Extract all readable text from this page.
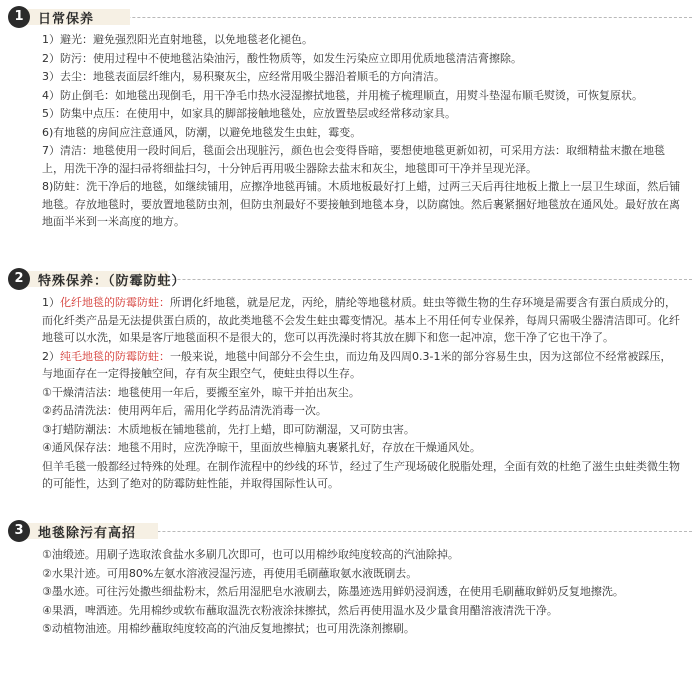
1	日常保养

1）避光：避免强烈阳光直射地毯，以免地毯老化褪色。

2）防污：使用过程中不使地毯沾染油污，酸性物质等，如发生污染应立即用优质地毯清洁膏擦除。

3）去尘：地毯表面层纤维内，易积聚灰尘，应经常用吸尘器沿着顺毛的方向清洁。

4）防止倒毛：如地毯出现倒毛，用干净毛巾热水浸湿擦拭地毯，并用梳子梳理顺直，用熨斗垫湿布顺毛熨烫，可恢复原状。

5）防集中点压：在使用中，如家具的脚部接触地毯处，应放置垫层或经常移动家具。

6)有地毯的房间应注意通风，防潮，以避免地毯发生虫蛀，霉变。

7）清洁：地毯使用一段时间后，毯面会出现脏污，颜色也会变得昏暗，要想使地毯更新如初，可采用方法：取细精盐末撒在地毯上，用洗干净的湿扫帚将细盐扫匀，十分钟后再用吸尘器除去盐末和灰尘，地毯即可干净并呈现光泽。

8)防蛀：洗干净后的地毯，如继续铺用，应擦净地毯再铺。木质地板最好打上蜡，过两三天后再往地板上撒上一层卫生球面，然后铺地毯。存放地毯时，要放置地毯防虫剂，但防虫剂最好不要接触到地毯本身，以防腐蚀。然后裹紧捆好地毯放在通风处。最好放在离地面半米到一米高度的地方。

2	特殊保养：（防霉防蛀）

1）化纤地毯的防霉防蛀：所谓化纤地毯，就是尼龙，丙纶，腈纶等地毯材质。蛀虫等微生物的生存环境是需要含有蛋白质成分的，而化纤类产品是无法提供蛋白质的，故此类地毯不会发生蛀虫霉变情况。基本上不用任何专业保养，每周只需吸尘器清洁即可。化纤地毯可以水洗，如果是客厅地毯面积不是很大的，您可以再洗澡时将其放在脚下和您一起冲凉，您干净了它也干净了。

2）纯毛地毯的防霉防蛀：一般来说，地毯中间部分不会生虫，而边角及四周0.3-1米的部分容易生虫，因为这部位不经常被踩压，与地面存在一定得接触空间，存有灰尘跟空气，使蛀虫得以生存。

①干燥清洁法：地毯使用一年后，要搬至室外，晾干并拍出灰尘。

②药品清洗法：使用两年后，需用化学药品清洗消毒一次。

③打蜡防潮法：木质地板在铺地毯前，先打上蜡，即可防潮湿，又可防虫害。

④通风保存法：地毯不用时，应洗净晾干，里面放些樟脑丸裹紧扎好，存放在干燥通风处。

但羊毛毯一般都经过特殊的处理。在制作流程中的纱线的环节，经过了生产现场破化脱脂处理，全面有效的杜绝了滋生虫蛀类微生物的可能性，达到了绝对的防霉防蛀性能，并取得国际性认可。

3	地毯除污有高招

①油缎迹。用刷子选取浓食盐水多刷几次即可，也可以用棉纱取纯度较高的汽油除掉。

②水果汁迹。可用80%左氨水溶液浸湿污迹，再使用毛刷蘸取氨水液既刷去。

③墨水迹。可往污处撒些细盐粉末，然后用湿肥皂水液刷去，陈墨迹选用鲜奶浸润透，在使用毛刷蘸取鲜奶反复地擦洗。

④果酒，啤酒迹。先用棉纱或软布蘸取温洗衣粉液涂抹擦拭，然后再使用温水及少量食用醋溶液清洗干净。

⑤动植物油迹。用棉纱蘸取纯度较高的汽油反复地擦拭；也可用洗涤剂擦刷。
